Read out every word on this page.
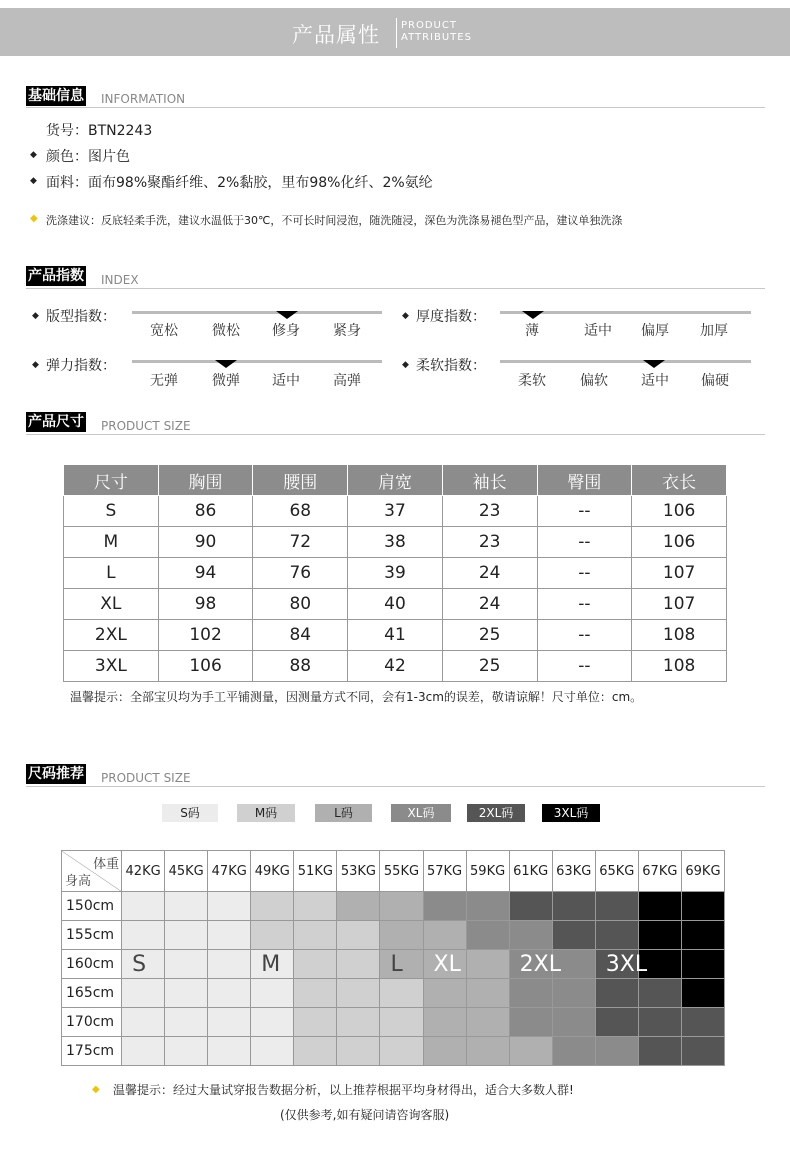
产品属性 PRODUCT
ATTRIBUTES
基础信息 INFORMATION
货号：BTN2243
◆ 颜色：图片色
◆ 面料：面布98%聚酯纤维、2%黏胶，里布98%化纤、2%氨纶
◆ 洗涤建议：反底轻柔手洗，建议水温低于30℃，不可长时间浸泡，随洗随浸，深色为洗涤易褪色型产品，建议单独洗涤
产品指数 INDEX
◆ 版型指数：
宽松 微松 修身 紧身
◆ 厚度指数：
薄	适中 偏厚 加厚
◆ 弹力指数：
无弹 微弹 适中 高弹
◆ 柔软指数：
柔软 偏软 适中 偏硬
产品尺寸 PRODUCT SIZE
尺寸	胸围	腰围	肩宽	袖长	臀围	衣长
S	86	68	37	23	--	106
M	90	72	38	23	--	106
L	94	76	39	24	--	107
XL	98	80	40	24	--	107
2XL	102	84	41	25	--	108
3XL	106	88	42	25	--	108
温馨提示：全部宝贝均为手工平铺测量，因测量方式不同，会有1-3cm的误差，敬请谅解！尺寸单位：cm。
尺码推荐 PRODUCT SIZE
S码	M码	L码	XL码	2XL码	3XL码
体重
身高	42KG	45KG	47KG	49KG	51KG	53KG	55KG	57KG	59KG	61KG	63KG	65KG	67KG	69KG
150cm														
155cm														
160cm	S			M			L	XL		2XL		3XL		
165cm														
170cm														
175cm														
◆ 温馨提示：经过大量试穿报告数据分析，以上推荐根据平均身材得出，适合大多数人群!
(仅供参考,如有疑问请咨询客服)
